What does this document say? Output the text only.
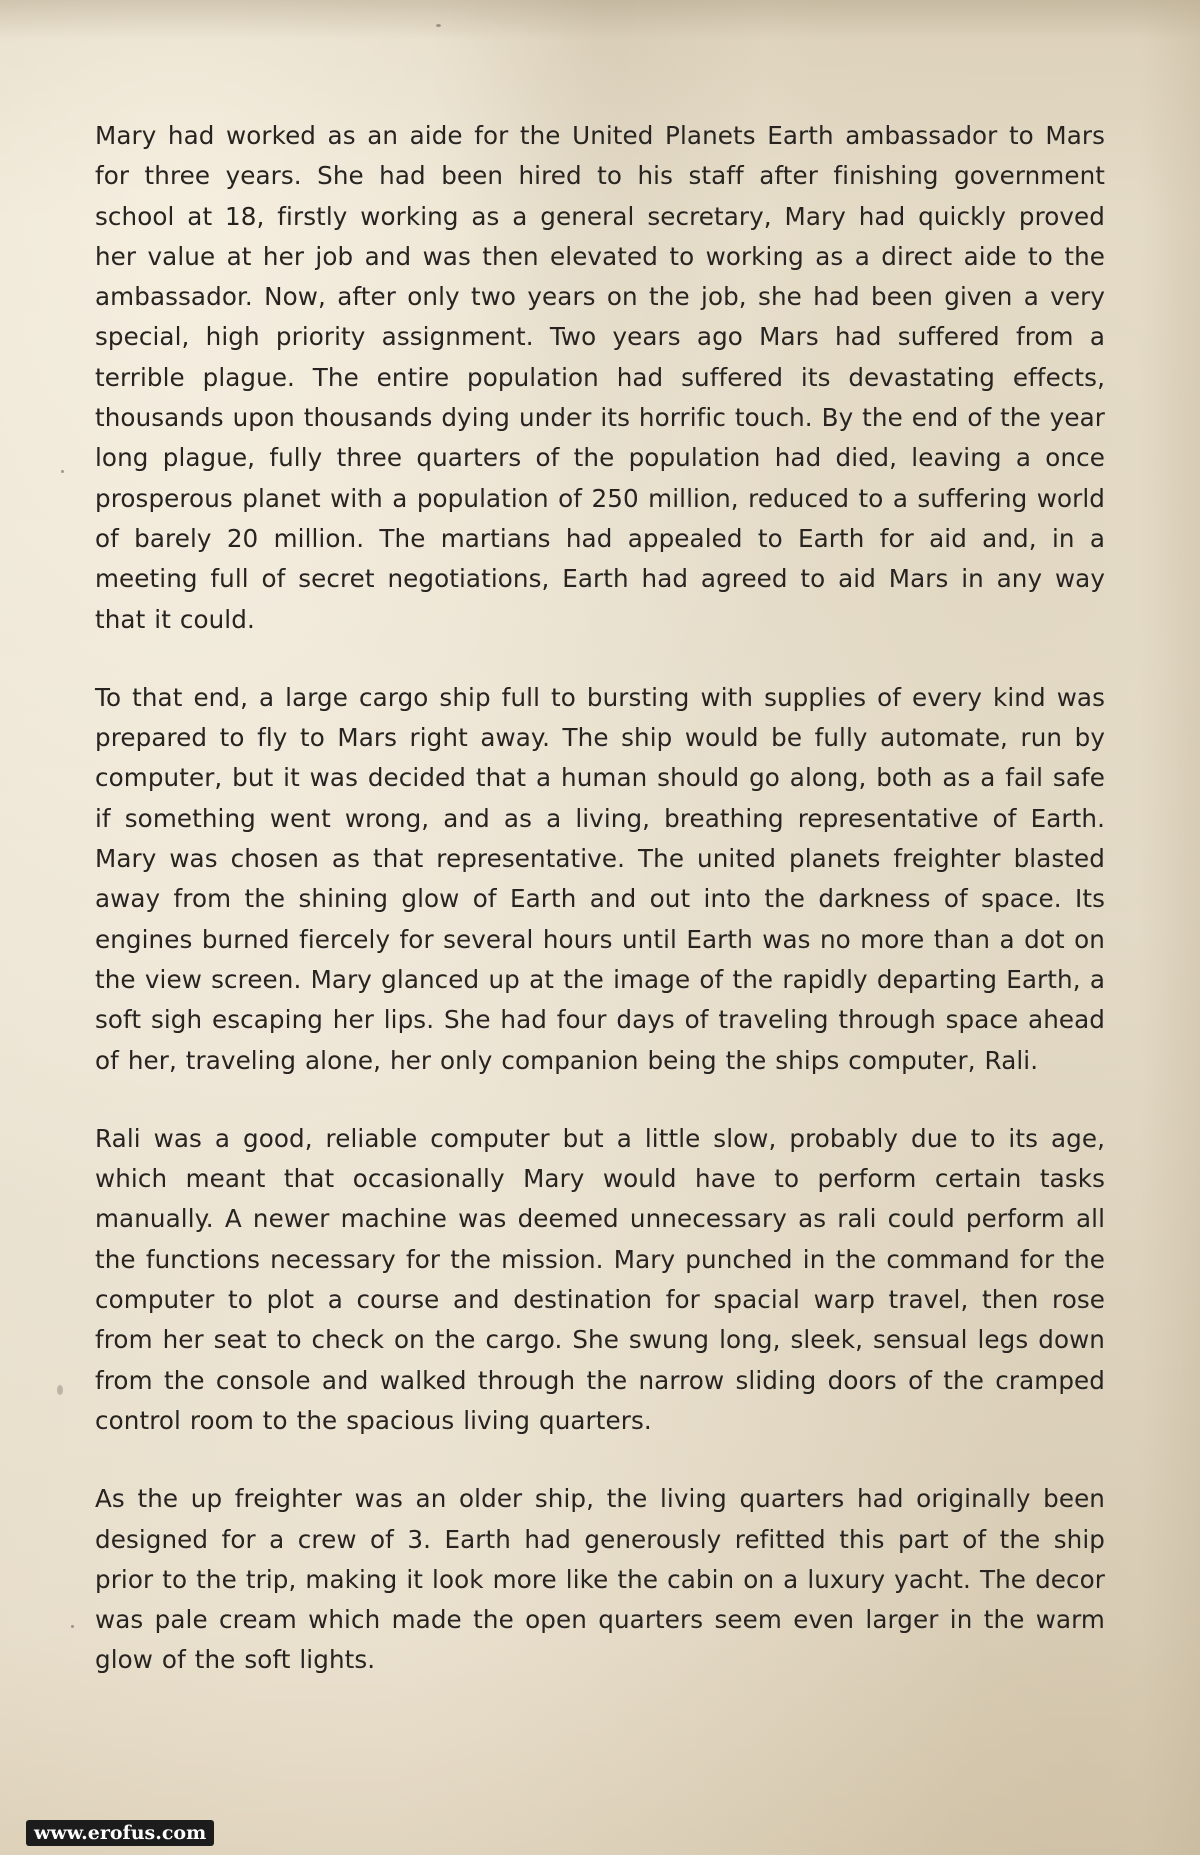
Mary had worked as an aide for the United Planets Earth ambassador to Mars for three years. She had been hired to his staff after finishing government school at 18, firstly working as a general secretary, Mary had quickly proved her value at her job and was then elevated to working as a direct aide to the ambassador. Now, after only two years on the job, she had been given a very special, high priority assignment. Two years ago Mars had suffered from a terrible plague. The entire population had suffered its devastating effects, thousands upon thousands dying under its horrific touch. By the end of the year long plague, fully three quarters of the population had died, leaving a once prosperous planet with a population of 250 million, reduced to a suffering world of barely 20 million. The martians had appealed to Earth for aid and, in a meeting full of secret negotiations, Earth had agreed to aid Mars in any way that it could.

To that end, a large cargo ship full to bursting with supplies of every kind was prepared to fly to Mars right away. The ship would be fully automate, run by computer, but it was decided that a human should go along, both as a fail safe if something went wrong, and as a living, breathing representative of Earth. Mary was chosen as that representative. The united planets freighter blasted away from the shining glow of Earth and out into the darkness of space. Its engines burned fiercely for several hours until Earth was no more than a dot on the view screen. Mary glanced up at the image of the rapidly departing Earth, a soft sigh escaping her lips. She had four days of traveling through space ahead of her, traveling alone, her only companion being the ships computer, Rali.

Rali was a good, reliable computer but a little slow, probably due to its age, which meant that occasionally Mary would have to perform certain tasks manually. A newer machine was deemed unnecessary as rali could perform all the functions necessary for the mission. Mary punched in the command for the computer to plot a course and destination for spacial warp travel, then rose from her seat to check on the cargo. She swung long, sleek, sensual legs down from the console and walked through the narrow sliding doors of the cramped control room to the spacious living quarters.

As the up freighter was an older ship, the living quarters had originally been designed for a crew of 3. Earth had generously refitted this part of the ship prior to the trip, making it look more like the cabin on a luxury yacht. The decor was pale cream which made the open quarters seem even larger in the warm glow of the soft lights.

www.erofus.com
